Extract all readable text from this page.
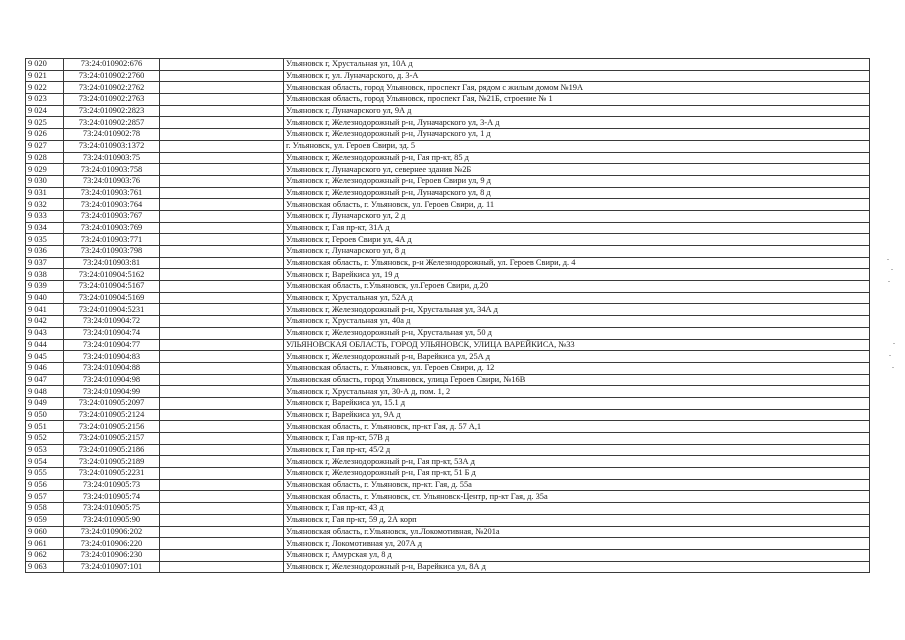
9 020	73:24:010902:676		Ульяновск г, Хрустальная ул, 10А д
9 021	73:24:010902:2760		Ульяновск г, ул. Луначарского, д. 3-А
9 022	73:24:010902:2762		Ульяновская область, город Ульяновск, проспект Гая, рядом с жилым домом №19А
9 023	73:24:010902:2763		Ульяновская область, город Ульяновск, проспект Гая, №21Б, строение № 1
9 024	73:24:010902:2823		Ульяновск г, Луначарского ул, 9А д
9 025	73:24:010902:2857		Ульяновск г, Железнодорожный р-н, Луначарского ул, 3-А д
9 026	73:24:010902:78		Ульяновск г, Железнодорожный р-н, Луначарского ул, 1 д
9 027	73:24:010903:1372		г. Ульяновск, ул. Героев Свири, зд. 5
9 028	73:24:010903:75		Ульяновск г, Железнодорожный р-н, Гая пр-кт, 85 д
9 029	73:24:010903:758		Ульяновск г, Луначарского ул, севернее здания №2Б
9 030	73:24:010903:76		Ульяновск г, Железнодорожный р-н, Героев Свири ул, 9 д
9 031	73:24:010903:761		Ульяновск г, Железнодорожный р-н, Луначарского ул, 8 д
9 032	73:24:010903:764		Ульяновская область, г. Ульяновск, ул. Героев Свири, д. 11
9 033	73:24:010903:767		Ульяновск г, Луначарского ул, 2 д
9 034	73:24:010903:769		Ульяновск г, Гая пр-кт, 31А д
9 035	73:24:010903:771		Ульяновск г, Героев Свири ул, 4А д
9 036	73:24:010903:798		Ульяновск г, Луначарского ул, 8 д
9 037	73:24:010903:81		Ульяновская область, г. Ульяновск, р-н Железнодорожный, ул. Героев Свири, д. 4
9 038	73:24:010904:5162		Ульяновск г, Варейкиса ул, 19 д
9 039	73:24:010904:5167		Ульяновская область, г.Ульяновск, ул.Героев Свири, д.20
9 040	73:24:010904:5169		Ульяновск г, Хрустальная ул, 52А д
9 041	73:24:010904:5231		Ульяновск г, Железнодорожный р-н, Хрустальная ул, 34А д
9 042	73:24:010904:72		Ульяновск г, Хрустальная ул, 40а д
9 043	73:24:010904:74		Ульяновск г, Железнодорожный р-н, Хрустальная ул, 50 д
9 044	73:24:010904:77		УЛЬЯНОВСКАЯ ОБЛАСТЬ, ГОРОД УЛЬЯНОВСК, УЛИЦА ВАРЕЙКИСА, №33
9 045	73:24:010904:83		Ульяновск г, Железнодорожный р-н, Варейкиса ул, 25А д
9 046	73:24:010904:88		Ульяновская область, г. Ульяновск, ул. Героев Свири, д. 12
9 047	73:24:010904:98		Ульяновская область, город Ульяновск, улица Героев Свири, №16В
9 048	73:24:010904:99		Ульяновск г, Хрустальная ул, 30-А д, пом. 1, 2
9 049	73:24:010905:2097		Ульяновск г, Варейкиса ул, 15.1 д
9 050	73:24:010905:2124		Ульяновск г, Варейкиса ул, 9А д
9 051	73:24:010905:2156		Ульяновская область, г. Ульяновск, пр-кт Гая, д. 57 А,1
9 052	73:24:010905:2157		Ульяновск г, Гая пр-кт, 57В д
9 053	73:24:010905:2186		Ульяновск г, Гая пр-кт, 45/2 д
9 054	73:24:010905:2189		Ульяновск г, Железнодорожный р-н, Гая пр-кт, 53А д
9 055	73:24:010905:2231		Ульяновск г, Железнодорожный р-н, Гая пр-кт, 51 Б д
9 056	73:24:010905:73		Ульяновская область, г. Ульяновск, пр-кт. Гая, д. 55а
9 057	73:24:010905:74		Ульяновская область, г. Ульяновск, ст. Ульяновск-Центр, пр-кт Гая, д. 35а
9 058	73:24:010905:75		Ульяновск г, Гая пр-кт, 43 д
9 059	73:24:010905:90		Ульяновск г, Гая пр-кт, 59 д, 2А корп
9 060	73:24:010906:202		Ульяновская область, г.Ульяновск, ул.Локомотивная, №201а
9 061	73:24:010906:220		Ульяновск г, Локомотивная ул, 207А д
9 062	73:24:010906:230		Ульяновск г, Амурская ул, 8 д
9 063	73:24:010907:101		Ульяновск г, Железнодорожный р-н, Варейкиса ул, 8А д
